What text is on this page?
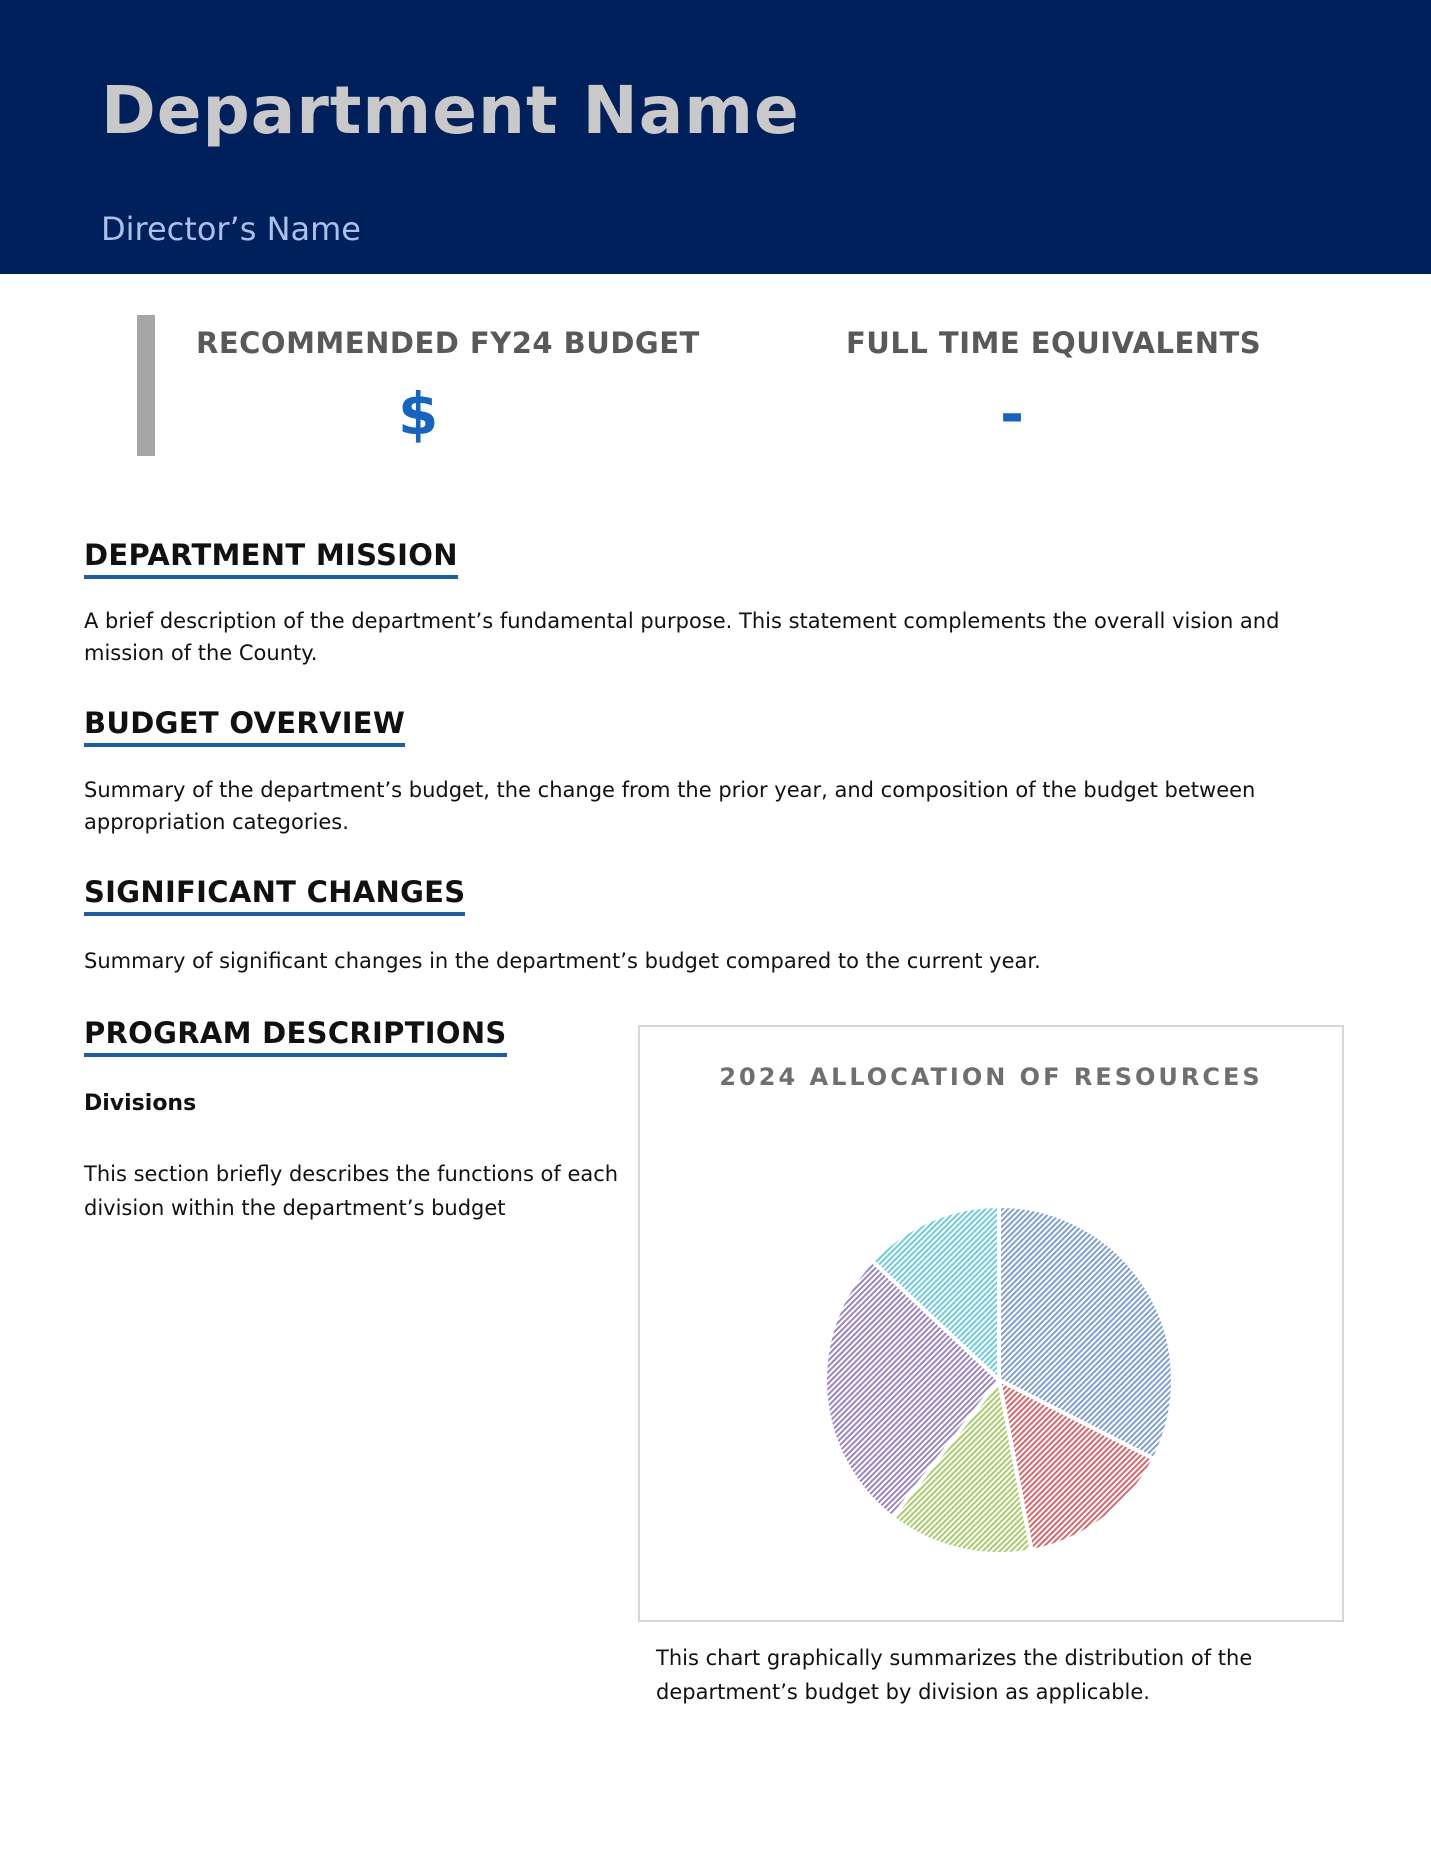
Department Name
Director’s Name
RECOMMENDED FY24 BUDGET
$
FULL TIME EQUIVALENTS
-
DEPARTMENT MISSION

A brief description of the department’s fundamental purpose. This statement complements the overall vision and mission of the County.

BUDGET OVERVIEW

Summary of the department’s budget, the change from the prior year, and composition of the budget between appropriation categories.

SIGNIFICANT CHANGES

Summary of significant changes in the department’s budget compared to the current year.

PROGRAM DESCRIPTIONS
Divisions

This section briefly describes the functions of each division within the department’s budget

2024 ALLOCATION OF RESOURCES

This chart graphically summarizes the distribution of the department’s budget by division as applicable.
